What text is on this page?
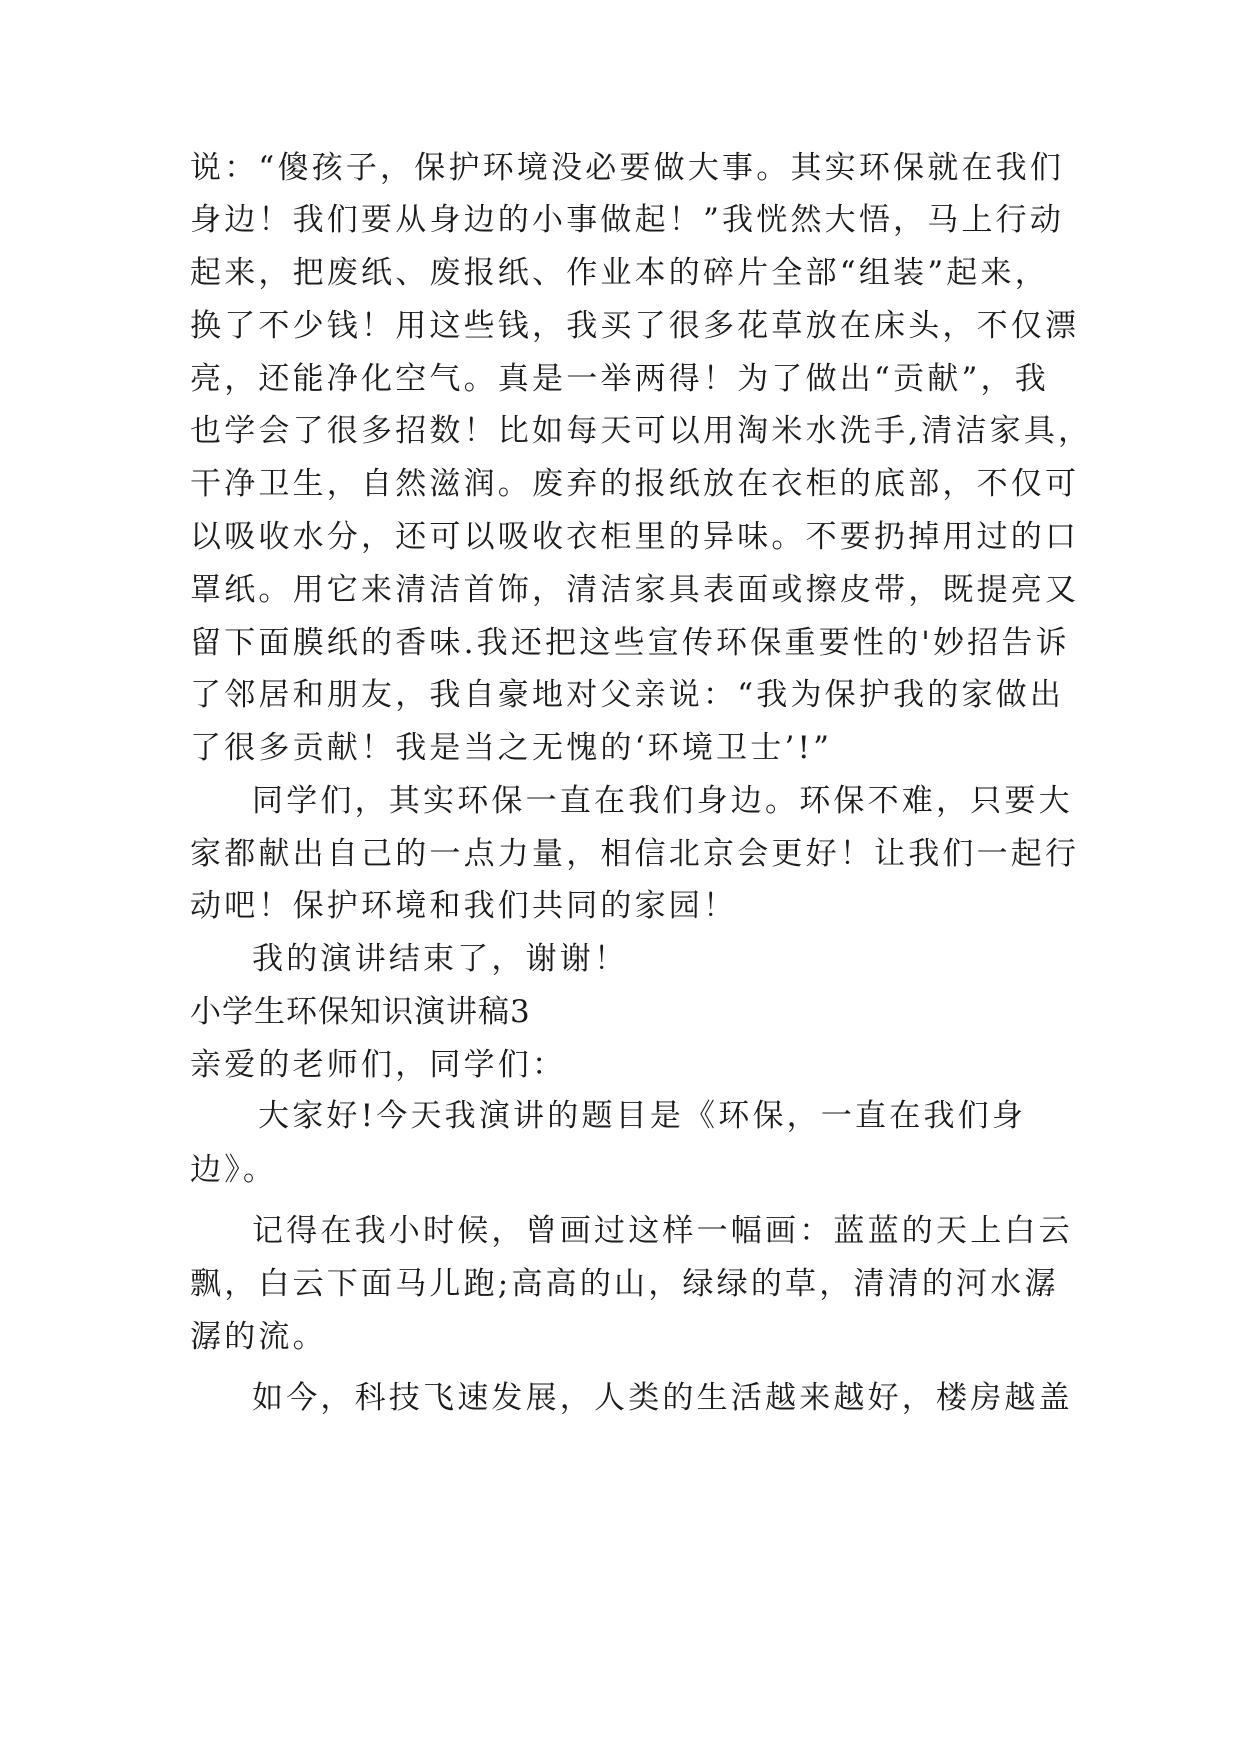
说：“傻孩子，保护环境没必要做大事。其实环保就在我们
身边！我们要从身边的小事做起！”我恍然大悟，马上行动
起来，把废纸、废报纸、作业本的碎片全部“组装”起来，
换了不少钱！用这些钱，我买了很多花草放在床头，不仅漂
亮，还能净化空气。真是一举两得！为了做出“贡献”，我
也学会了很多招数！比如每天可以用淘米水洗手,清洁家具，
干净卫生，自然滋润。废弃的报纸放在衣柜的底部，不仅可
以吸收水分，还可以吸收衣柜里的异味。不要扔掉用过的口
罩纸。用它来清洁首饰，清洁家具表面或擦皮带，既提亮又
留下面膜纸的香味.我还把这些宣传环保重要性的'妙招告诉
了邻居和朋友，我自豪地对父亲说：“我为保护我的家做出
了很多贡献！我是当之无愧的‘环境卫士’!”
同学们，其实环保一直在我们身边。环保不难，只要大
家都献出自己的一点力量，相信北京会更好！让我们一起行
动吧！保护环境和我们共同的家园！
我的演讲结束了，谢谢！
小学生环保知识演讲稿3
亲爱的老师们，同学们：
大家好!今天我演讲的题目是《环保，一直在我们身
边》。
记得在我小时候，曾画过这样一幅画：蓝蓝的天上白云
飘，白云下面马儿跑;高高的山，绿绿的草，清清的河水潺
潺的流。
如今，科技飞速发展，人类的生活越来越好，楼房越盖
